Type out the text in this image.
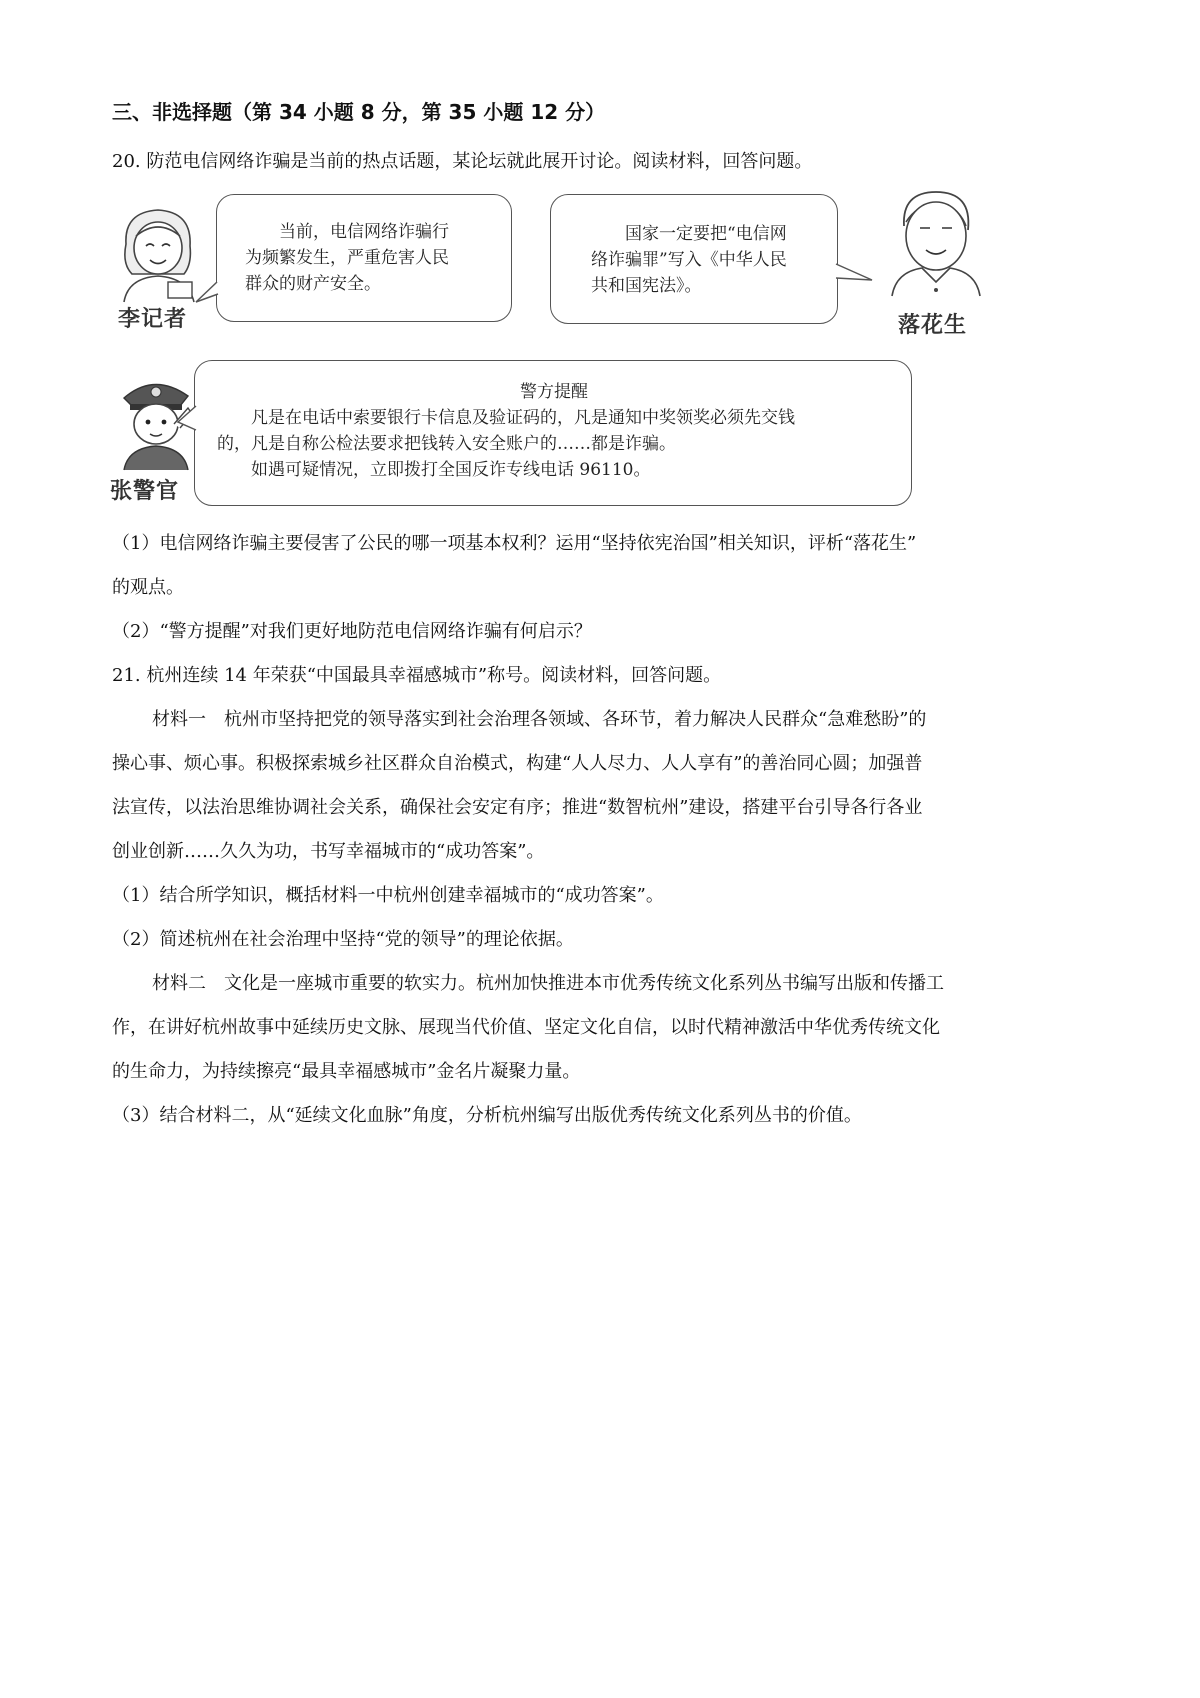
三、非选择题（第 34 小题 8 分，第 35 小题 12 分）
20. 防范电信网络诈骗是当前的热点话题，某论坛就此展开讨论。阅读材料，回答问题。
李记者
当前，电信网络诈骗行
为频繁发生，严重危害人民
群众的财产安全。
国家一定要把“电信网
络诈骗罪”写入《中华人民
共和国宪法》。
落花生
张警官
警方提醒
凡是在电话中索要银行卡信息及验证码的，凡是通知中奖领奖必须先交钱
的，凡是自称公检法要求把钱转入安全账户的……都是诈骗。
如遇可疑情况，立即拨打全国反诈专线电话 96110。
（1）电信网络诈骗主要侵害了公民的哪一项基本权利？运用“坚持依宪治国”相关知识，评析“落花生”
的观点。
（2）“警方提醒”对我们更好地防范电信网络诈骗有何启示？
21. 杭州连续 14 年荣获“中国最具幸福感城市”称号。阅读材料，回答问题。
材料一　杭州市坚持把党的领导落实到社会治理各领域、各环节，着力解决人民群众“急难愁盼”的
操心事、烦心事。积极探索城乡社区群众自治模式，构建“人人尽力、人人享有”的善治同心圆；加强普
法宣传，以法治思维协调社会关系，确保社会安定有序；推进“数智杭州”建设，搭建平台引导各行各业
创业创新……久久为功，书写幸福城市的“成功答案”。
（1）结合所学知识，概括材料一中杭州创建幸福城市的“成功答案”。
（2）简述杭州在社会治理中坚持“党的领导”的理论依据。
材料二　文化是一座城市重要的软实力。杭州加快推进本市优秀传统文化系列丛书编写出版和传播工
作，在讲好杭州故事中延续历史文脉、展现当代价值、坚定文化自信，以时代精神激活中华优秀传统文化
的生命力，为持续擦亮“最具幸福感城市”金名片凝聚力量。
（3）结合材料二，从“延续文化血脉”角度，分析杭州编写出版优秀传统文化系列丛书的价值。
